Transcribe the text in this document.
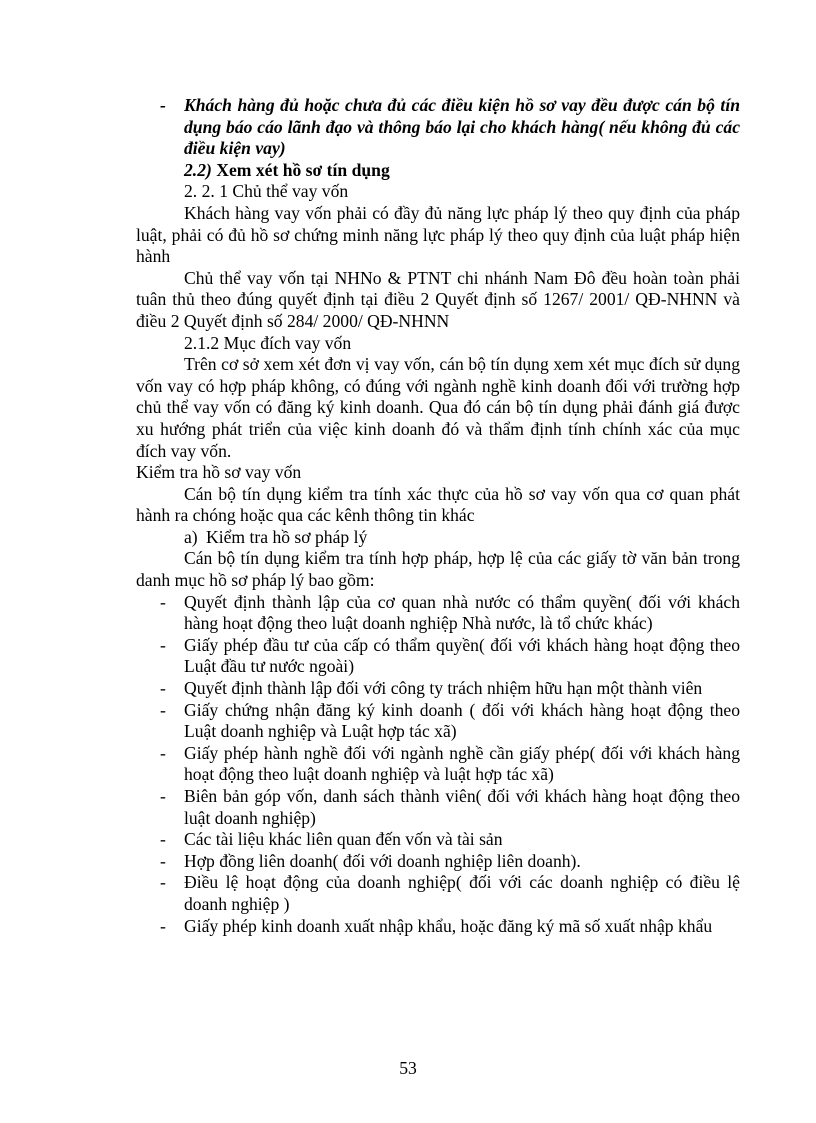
- Khách hàng đủ hoặc chưa đủ các điều kiện hồ sơ vay đều được cán bộ tín dụng báo cáo lãnh đạo và thông báo lại cho khách hàng( nếu không đủ các điều kiện vay)

2.2) Xem xét hồ sơ tín dụng

2. 2. 1 Chủ thể vay vốn

Khách hàng vay vốn phải có đầy đủ năng lực pháp lý theo quy định của pháp luật, phải có đủ hồ sơ chứng minh năng lực pháp lý theo quy định của luật pháp hiện hành

Chủ thể vay vốn tại NHNo & PTNT chi nhánh Nam Đô đều hoàn toàn phải tuân thủ theo đúng quyết định tại điều 2 Quyết định số 1267/ 2001/ QĐ-NHNN và điều 2 Quyết định số 284/ 2000/ QĐ-NHNN

2.1.2 Mục đích vay vốn

Trên cơ sở xem xét đơn vị vay vốn, cán bộ tín dụng xem xét mục đích sử dụng vốn vay có hợp pháp không, có đúng với ngành nghề kinh doanh đối với trường hợp chủ thể vay vốn có đăng ký kinh doanh. Qua đó cán bộ tín dụng phải đánh giá được xu hướng phát triển của việc kinh doanh đó và thẩm định tính chính xác của mục đích vay vốn.

Kiểm tra hồ sơ vay vốn

Cán bộ tín dụng kiểm tra tính xác thực của hồ sơ vay vốn qua cơ quan phát hành ra chóng hoặc qua các kênh thông tin khác

a) Kiểm tra hồ sơ pháp lý

Cán bộ tín dụng kiểm tra tính hợp pháp, hợp lệ của các giấy tờ văn bản trong danh mục hồ sơ pháp lý bao gồm:

- Quyết định thành lập của cơ quan nhà nước có thẩm quyền( đối với khách hàng hoạt động theo luật doanh nghiệp Nhà nước, là tổ chức khác)

- Giấy phép đầu tư của cấp có thẩm quyền( đối với khách hàng hoạt động theo Luật đầu tư nước ngoài)

- Quyết định thành lập đối với công ty trách nhiệm hữu hạn một thành viên

- Giấy chứng nhận đăng ký kinh doanh ( đối với khách hàng hoạt động theo Luật doanh nghiệp và Luật hợp tác xã)

- Giấy phép hành nghề đối với ngành nghề cần giấy phép( đối với khách hàng hoạt động theo luật doanh nghiệp và luật hợp tác xã)

- Biên bản góp vốn, danh sách thành viên( đối với khách hàng hoạt động theo luật doanh nghiệp)

- Các tài liệu khác liên quan đến vốn và tài sản

- Hợp đồng liên doanh( đối với doanh nghiệp liên doanh).

- Điều lệ hoạt động của doanh nghiệp( đối với các doanh nghiệp có điều lệ doanh nghiệp )

- Giấy phép kinh doanh xuất nhập khẩu, hoặc đăng ký mã số xuất nhập khẩu

53
